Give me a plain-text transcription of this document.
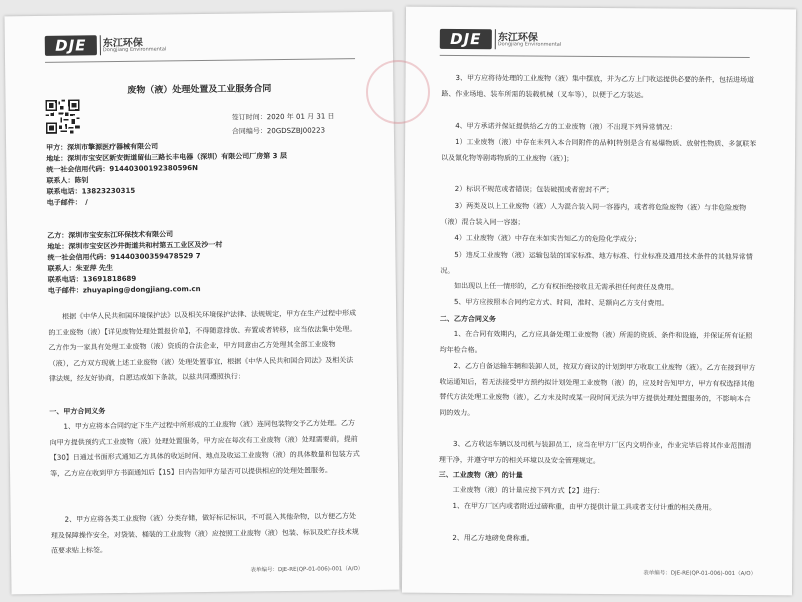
DJE	东江环保
Dongjiang Environmental
废物（液）处理处置及工业服务合同
签订时间：2020 年 01 月 31 日
合同编号：20GDSZBJ00223
甲方：深圳市擎源医疗器械有限公司
地址：深圳市宝安区新安街道留仙三路长丰电器（深圳）有限公司厂房第 3 层
统一社会信用代码：91440300192380596N
联系人：陈钊
联系电话：13823230315
电子邮件：　/
乙方：深圳市宝安东江环保技术有限公司
地址：深圳市宝安区沙井街道共和村第五工业区及沙一村
统一社会信用代码：91440300359478529 7
联系人：朱亚萍 先生
联系电话：13691818689
电子邮件：zhuyaping@dongjiang.com.cn
根据《中华人民共和国环境保护法》以及相关环境保护法律、法规规定，甲方在生产过程中形成的工业废物（液）【详见废物处理处置报价单】，不得随意排放、弃置或者转移，应当依法集中处理。乙方作为一家具有处理工业废物（液）资质的合法企业，甲方同意由乙方处理其全部工业废物（液），乙方双方现就上述工业废物（液）处理处置事宜，根据《中华人民共和国合同法》及相关法律法规，经友好协商，自愿达成如下条款，以兹共同遵照执行：
一、甲方合同义务
1、甲方应将本合同约定下生产过程中所形成的工业废物（液）连同包装物交予乙方处理。乙方向甲方提供预约式工业废物（液）处理处置服务，甲方应在每次有工业废物（液）处理需要前，提前【30】日通过书面形式通知乙方具体的收运时间、地点及收运工业废物（液）的具体数量和包装方式等，乙方应在收到甲方书面通知后【15】日内告知甲方是否可以提供相应的处理处置服务。
2、甲方应将各类工业废物（液）分类存储，做好标记标识，不可混入其他杂物，以方便乙方处理及保障操作安全，对袋装、桶装的工业废物（液）应按照工业废物（液）包装、标识及贮存技术规范要求贴上标签。
表单编号：DJE-RE(QP-01-006)-001（A/O）
DJE	东江环保
Dongjiang Environmental
3、甲方应将待处理的工业废物（液）集中摆放，并为乙方上门收运提供必要的条件，包括进场道路、作业场地、装车所需的装载机械（叉车等），以便于乙方装运。
4、甲方承诺并保证提供给乙方的工业废物（液）不出现下列异常情况：
1）工业废物（液）中存在未列入本合同附件的品种[特别是含有易爆物质、放射性物质、多氯联苯以及氰化物等剧毒物质的工业废物（液）]；
2）标识不规范或者错误；包装破损或者密封不严；
3）两类及以上工业废物（液）人为混合装入同一容器内，或者将危险废物（液）与非危险废物（液）混合装入同一容器；
4）工业废物（液）中存在未如实告知乙方的危险化学成分；
5）违反工业废物（液）运输包装的国家标准、地方标准、行业标准及通用技术条件的其他异常情况。
如出现以上任一情形的，乙方有权拒绝接收且无需承担任何责任及费用。
5、甲方应按照本合同约定方式、时间，准时、足额向乙方支付费用。
二、乙方合同义务
1、在合同有效期内，乙方应具备处理工业废物（液）所需的资质、条件和设施，并保证所有证照均年检合格。
2、乙方自备运输车辆和装卸人员，按双方商议的计划到甲方收取工业废物（液）。乙方在接到甲方收运通知后，若无法接受甲方预约拟计划处理工业废物（液）的，应及时告知甲方，甲方有权选择其他替代方法处理工业废物（液），乙方未及时或某一段时间无法为甲方提供处理处置服务的，不影响本合同的效力。
3、乙方收运车辆以及司机与装卸员工，应当在甲方厂区内文明作业，作业完毕后将其作业范围清理干净，并遵守甲方的相关环境以及安全管理规定。
三、工业废物（液）的计量
工业废物（液）的计量应按下列方式【2】进行：
1、在甲方厂区内或者附近过磅称重，由甲方提供计量工具或者支付计重的相关费用。
2、用乙方地磅免费称重。
表单编号：DJE-RE(QP-01-006)-001（A/O）
